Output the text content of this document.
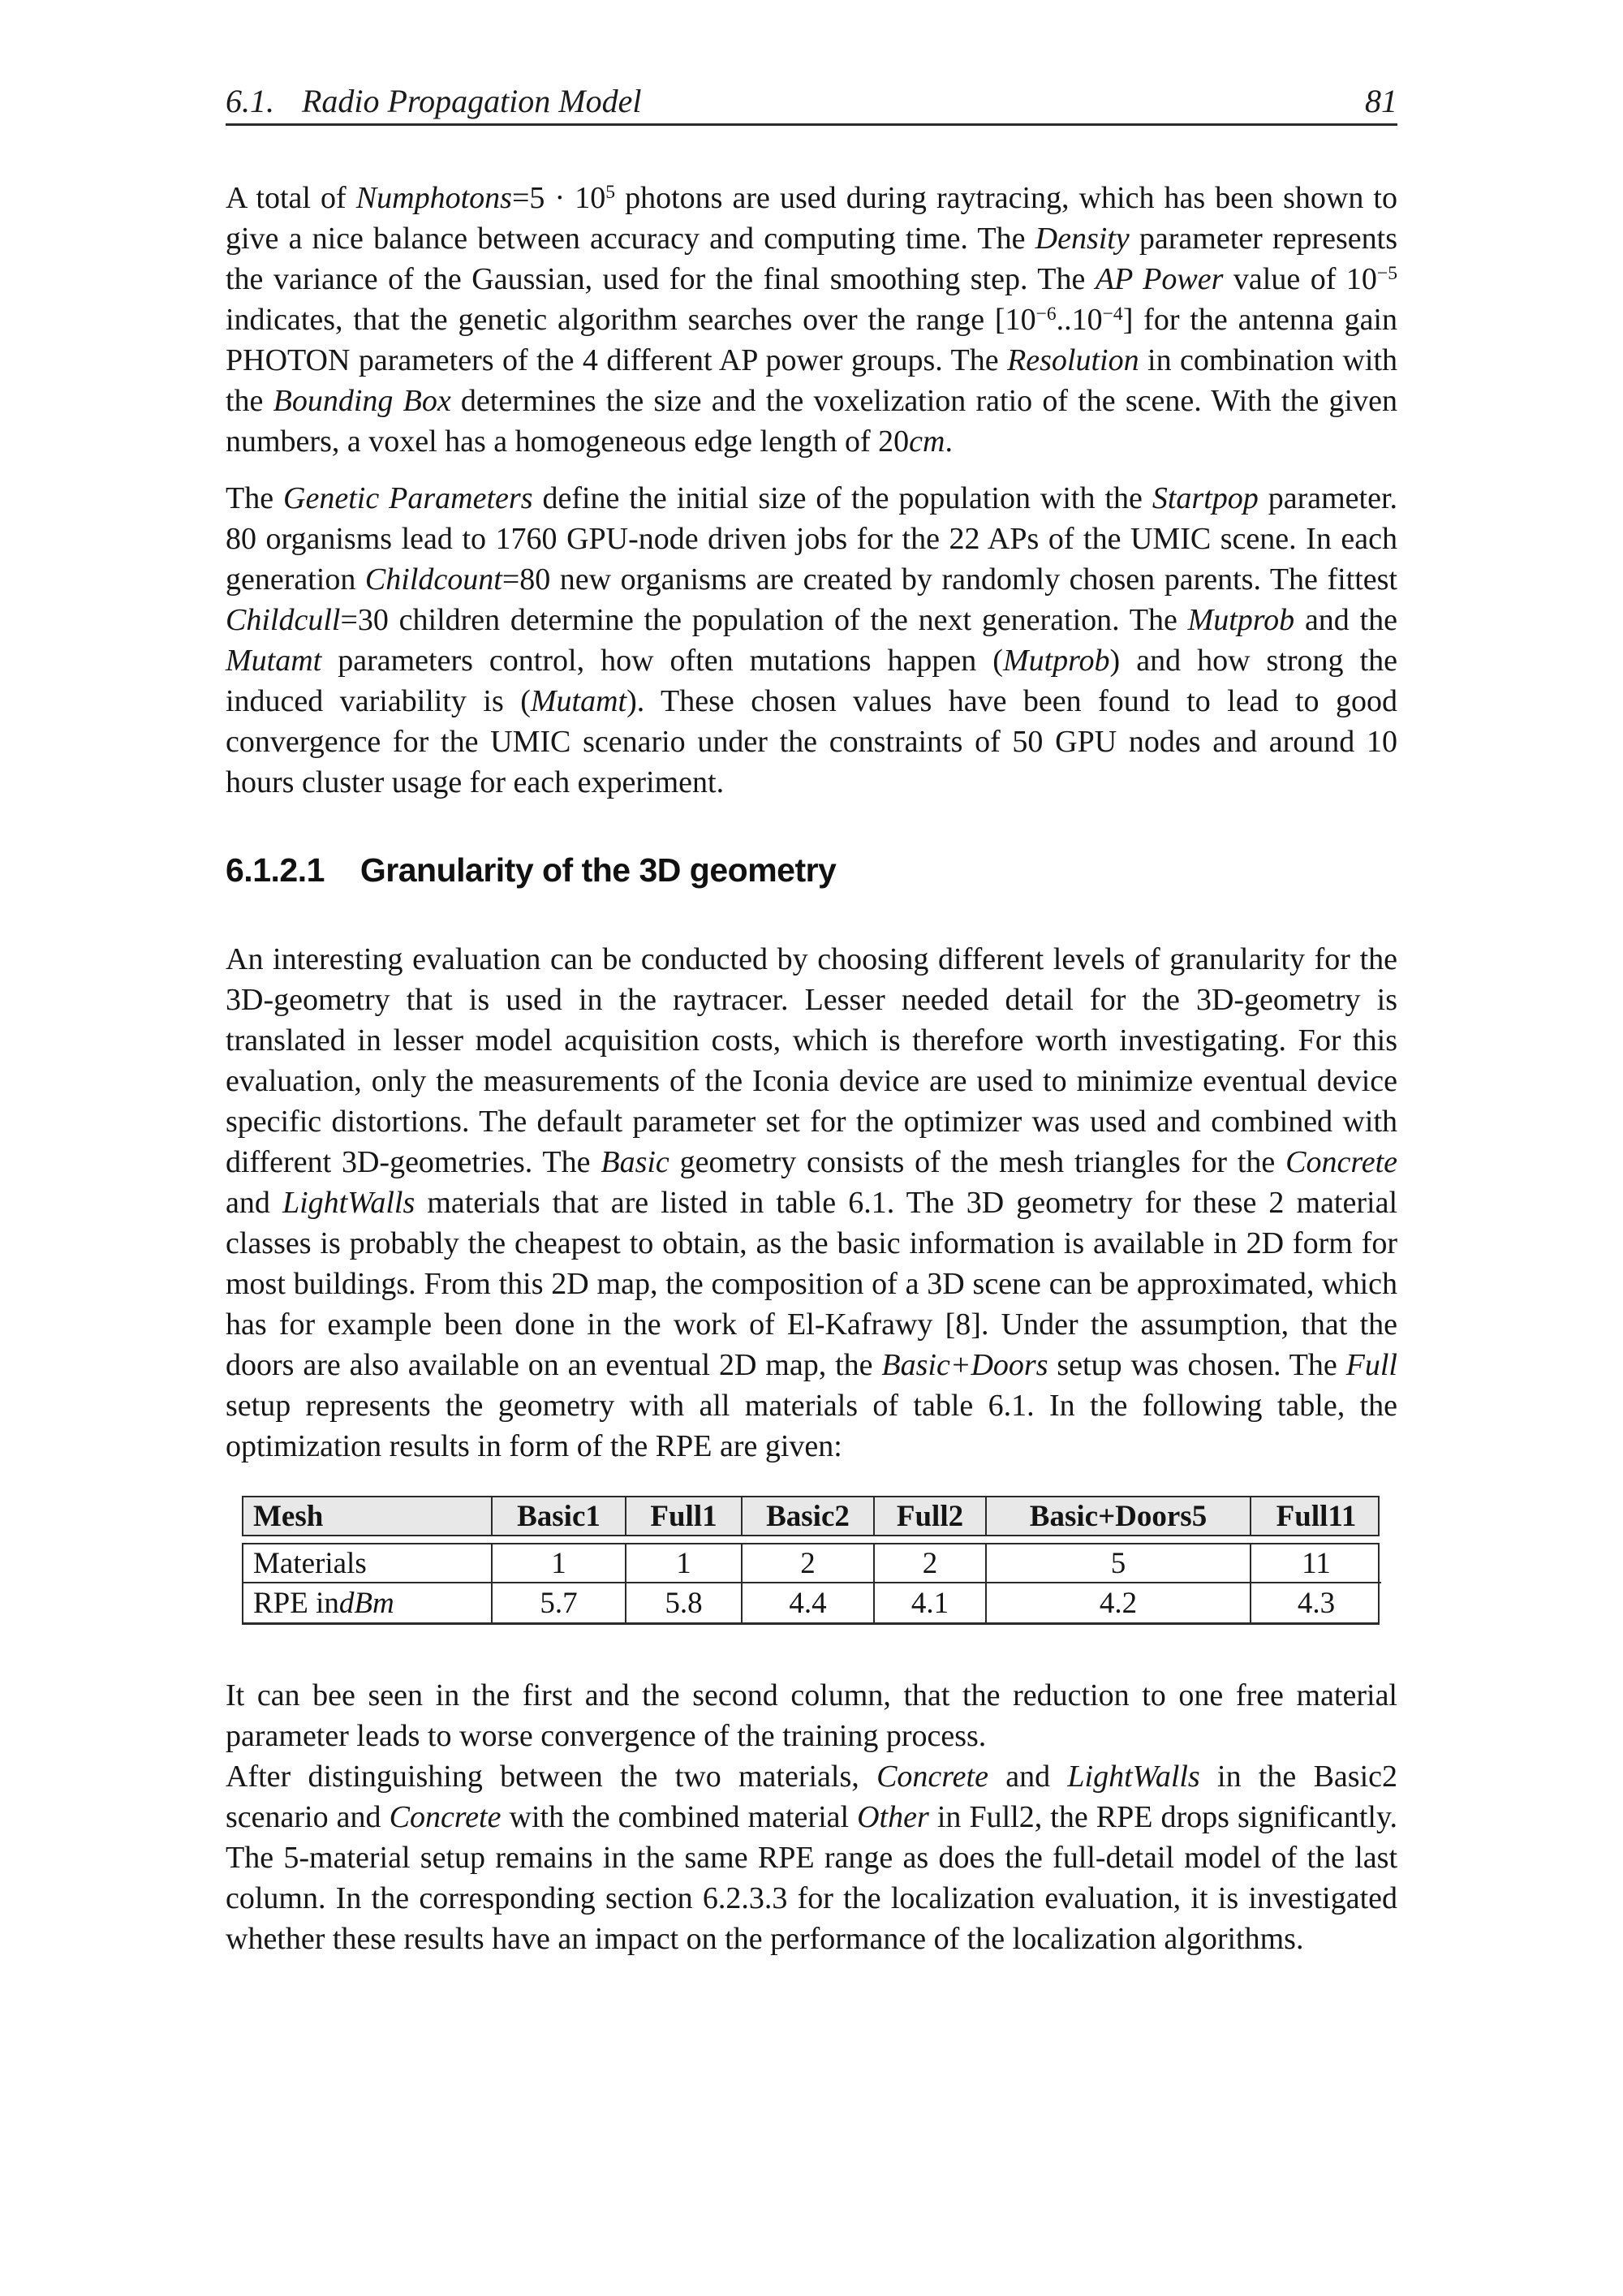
6.1. Radio Propagation Model	81

A total of Numphotons=5 · $10^5$ photons are used during raytracing, which has been shown to give a nice balance between accuracy and computing time. The Density parameter represents the variance of the Gaussian, used for the final smoothing step. The AP Power value of $10^{-5}$ indicates, that the genetic algorithm searches over the range $[10^{-6}..10^{-4}]$ for the antenna gain PHOTON parameters of the 4 different AP power groups. The Resolution in combination with the Bounding Box determines the size and the voxelization ratio of the scene. With the given numbers, a voxel has a homogeneous edge length of 20cm.

The Genetic Parameters define the initial size of the population with the Startpop parameter. 80 organisms lead to 1760 GPU-node driven jobs for the 22 APs of the UMIC scene. In each generation Childcount=80 new organisms are created by randomly chosen parents. The fittest Childcull=30 children determine the population of the next generation. The Mutprob and the Mutamt parameters control, how often mutations happen (Mutprob) and how strong the induced variability is (Mutamt). These chosen values have been found to lead to good convergence for the UMIC scenario under the constraints of 50 GPU nodes and around 10 hours cluster usage for each experiment.

6.1.2.1 Granularity of the 3D geometry

An interesting evaluation can be conducted by choosing different levels of granularity for the 3D-geometry that is used in the raytracer. Lesser needed detail for the 3D-geometry is translated in lesser model acquisition costs, which is therefore worth investigating. For this evaluation, only the measurements of the Iconia device are used to minimize eventual device specific distortions. The default parameter set for the optimizer was used and combined with different 3D-geometries. The Basic geometry consists of the mesh triangles for the Concrete and LightWalls materials that are listed in table 6.1. The 3D geometry for these 2 material classes is probably the cheapest to obtain, as the basic information is available in 2D form for most buildings. From this 2D map, the composition of a 3D scene can be approximated, which has for example been done in the work of El-Kafrawy [8]. Under the assumption, that the doors are also available on an eventual 2D map, the Basic+Doors setup was chosen. The Full setup represents the geometry with all materials of table 6.1. In the following table, the optimization results in form of the RPE are given:

Mesh	Basic1	Full1	Basic2	Full2	Basic+Doors5	Full11
Materials	1	1	2	2	5	11
RPE in dBm	5.7	5.8	4.4	4.1	4.2	4.3

It can bee seen in the first and the second column, that the reduction to one free material parameter leads to worse convergence of the training process.

After distinguishing between the two materials, Concrete and LightWalls in the Basic2 scenario and Concrete with the combined material Other in Full2, the RPE drops significantly. The 5-material setup remains in the same RPE range as does the full-detail model of the last column. In the corresponding section 6.2.3.3 for the localization evaluation, it is investigated whether these results have an impact on the performance of the localization algorithms.
